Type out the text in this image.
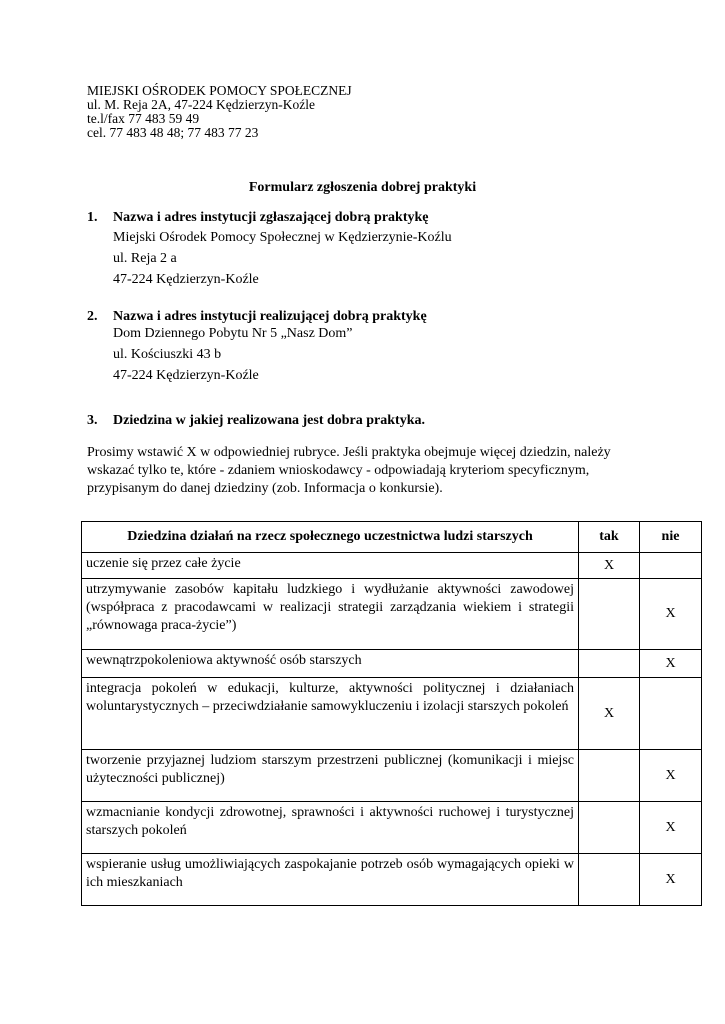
MIEJSKI OŚRODEK POMOCY SPOŁECZNEJ
ul. M. Reja 2A, 47-224 Kędzierzyn-Koźle
te.l/fax 77 483 59 49
cel. 77 483 48 48; 77 483 77 23
Formularz zgłoszenia dobrej praktyki
1.	Nazwa i adres instytucji zgłaszającej dobrą praktykę
Miejski Ośrodek Pomocy Społecznej w Kędzierzynie-Koźlu
ul. Reja 2 a
47-224 Kędzierzyn-Koźle
2.	Nazwa i adres instytucji realizującej dobrą praktykę
Dom Dziennego Pobytu Nr 5 „Nasz Dom”
ul. Kościuszki 43 b
47-224 Kędzierzyn-Koźle
3.	Dziedzina w jakiej realizowana jest dobra praktyka.
Prosimy wstawić X w odpowiedniej rubryce. Jeśli praktyka obejmuje więcej dziedzin, należy wskazać tylko te, które - zdaniem wnioskodawcy - odpowiadają kryteriom specyficznym, przypisanym do danej dziedziny (zob. Informacja o konkursie).
Dziedzina działań na rzecz społecznego uczestnictwa ludzi starszych	tak	nie
uczenie się przez całe życie	X	
utrzymywanie zasobów kapitału ludzkiego i wydłużanie aktywności zawodowej (współpraca z pracodawcami w realizacji strategii zarządzania wiekiem i strategii „równowaga praca-życie”)		X
wewnątrzpokoleniowa aktywność osób starszych		X
integracja pokoleń w edukacji, kulturze, aktywności politycznej i działaniach woluntarystycznych – przeciwdziałanie samowykluczeniu i izolacji starszych pokoleń	X	
tworzenie przyjaznej ludziom starszym przestrzeni publicznej (komunikacji i miejsc użyteczności publicznej)		X
wzmacnianie kondycji zdrowotnej, sprawności i aktywności ruchowej i turystycznej starszych pokoleń		X
wspieranie usług umożliwiających zaspokajanie potrzeb osób wymagających opieki w ich mieszkaniach		X
